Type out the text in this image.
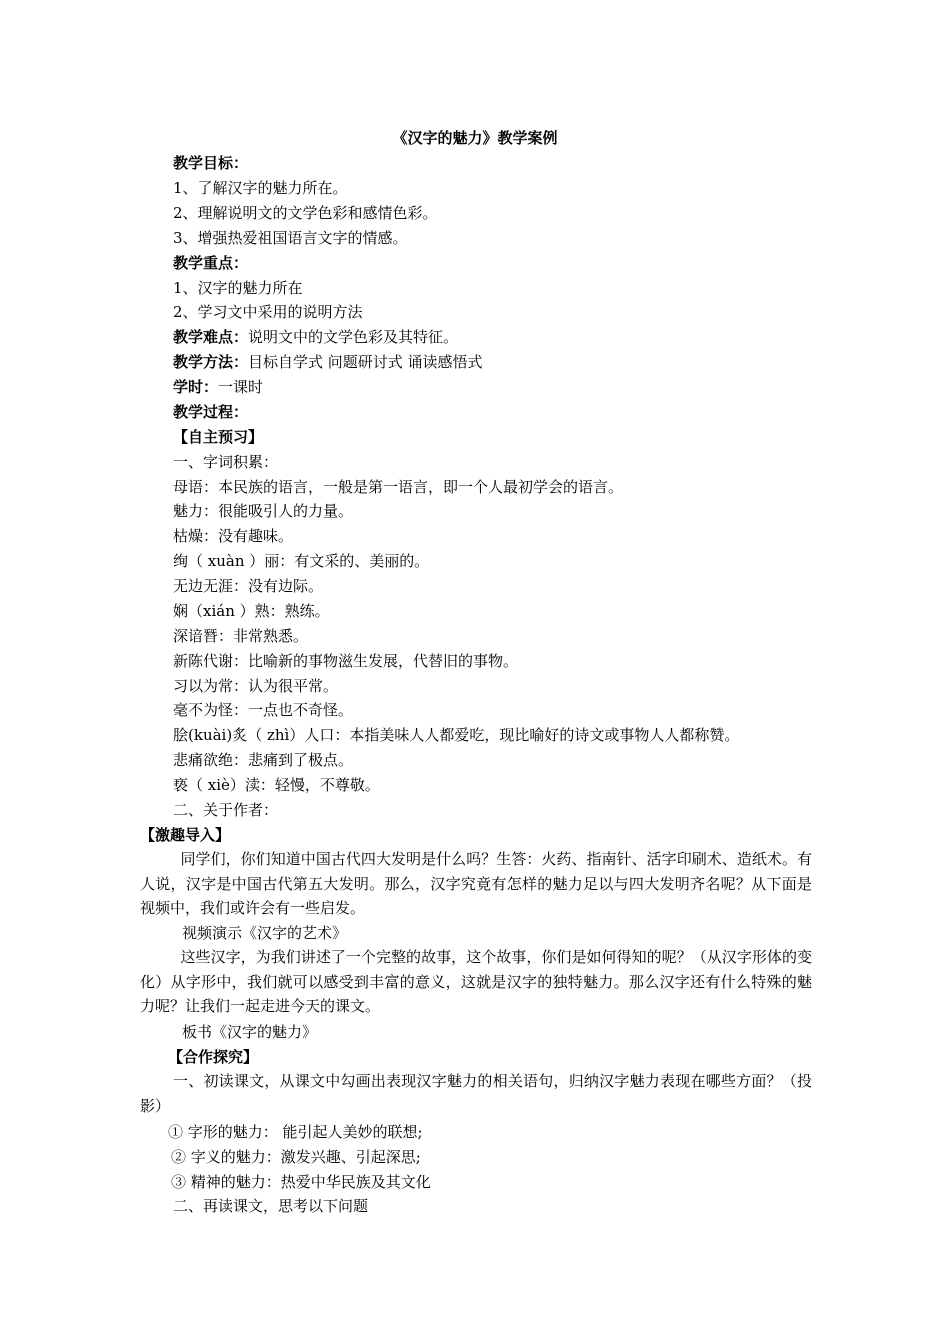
《汉字的魅力》教学案例
教学目标：
1、了解汉字的魅力所在。
2、理解说明文的文学色彩和感情色彩。
3、增强热爱祖国语言文字的情感。
教学重点：
1、汉字的魅力所在
2、学习文中采用的说明方法
教学难点：说明文中的文学色彩及其特征。
教学方法：目标自学式 问题研讨式 诵读感悟式
学时：一课时
教学过程：
【自主预习】
一、字词积累：
母语：本民族的语言，一般是第一语言，即一个人最初学会的语言。
魅力：很能吸引人的力量。
枯燥：没有趣味。
绚（ xuàn ）丽：有文采的、美丽的。
无边无涯：没有边际。
娴（xián ）熟：熟练。
深谙朁：非常熟悉。
新陈代谢：比喻新的事物滋生发展，代替旧的事物。
习以为常：认为很平常。
毫不为怪：一点也不奇怪。
脍(kuài)炙（ zhì）人口：本指美味人人都爱吃，现比喻好的诗文或事物人人都称赞。
悲痛欲绝：悲痛到了极点。
亵（ xiè）渎：轻慢，不尊敬。
二、关于作者：
【激趣导入】
同学们，你们知道中国古代四大发明是什么吗？生答：火药、指南针、活字印刷术、造纸术。有人说，汉字是中国古代第五大发明。那么，汉字究竟有怎样的魅力足以与四大发明齐名呢？从下面是视频中，我们或许会有一些启发。
视频演示《汉字的艺术》
这些汉字，为我们讲述了一个完整的故事，这个故事，你们是如何得知的呢？（从汉字形体的变化）从字形中，我们就可以感受到丰富的意义，这就是汉字的独特魅力。那么汉字还有什么特殊的魅力呢？让我们一起走进今天的课文。
板书《汉字的魅力》
【合作探究】
一、初读课文，从课文中勾画出表现汉字魅力的相关语句，归纳汉字魅力表现在哪些方面？（投影）
① 字形的魅力： 能引起人美妙的联想;
② 字义的魅力：激发兴趣、引起深思;
③ 精神的魅力：热爱中华民族及其文化
二、再读课文，思考以下问题
